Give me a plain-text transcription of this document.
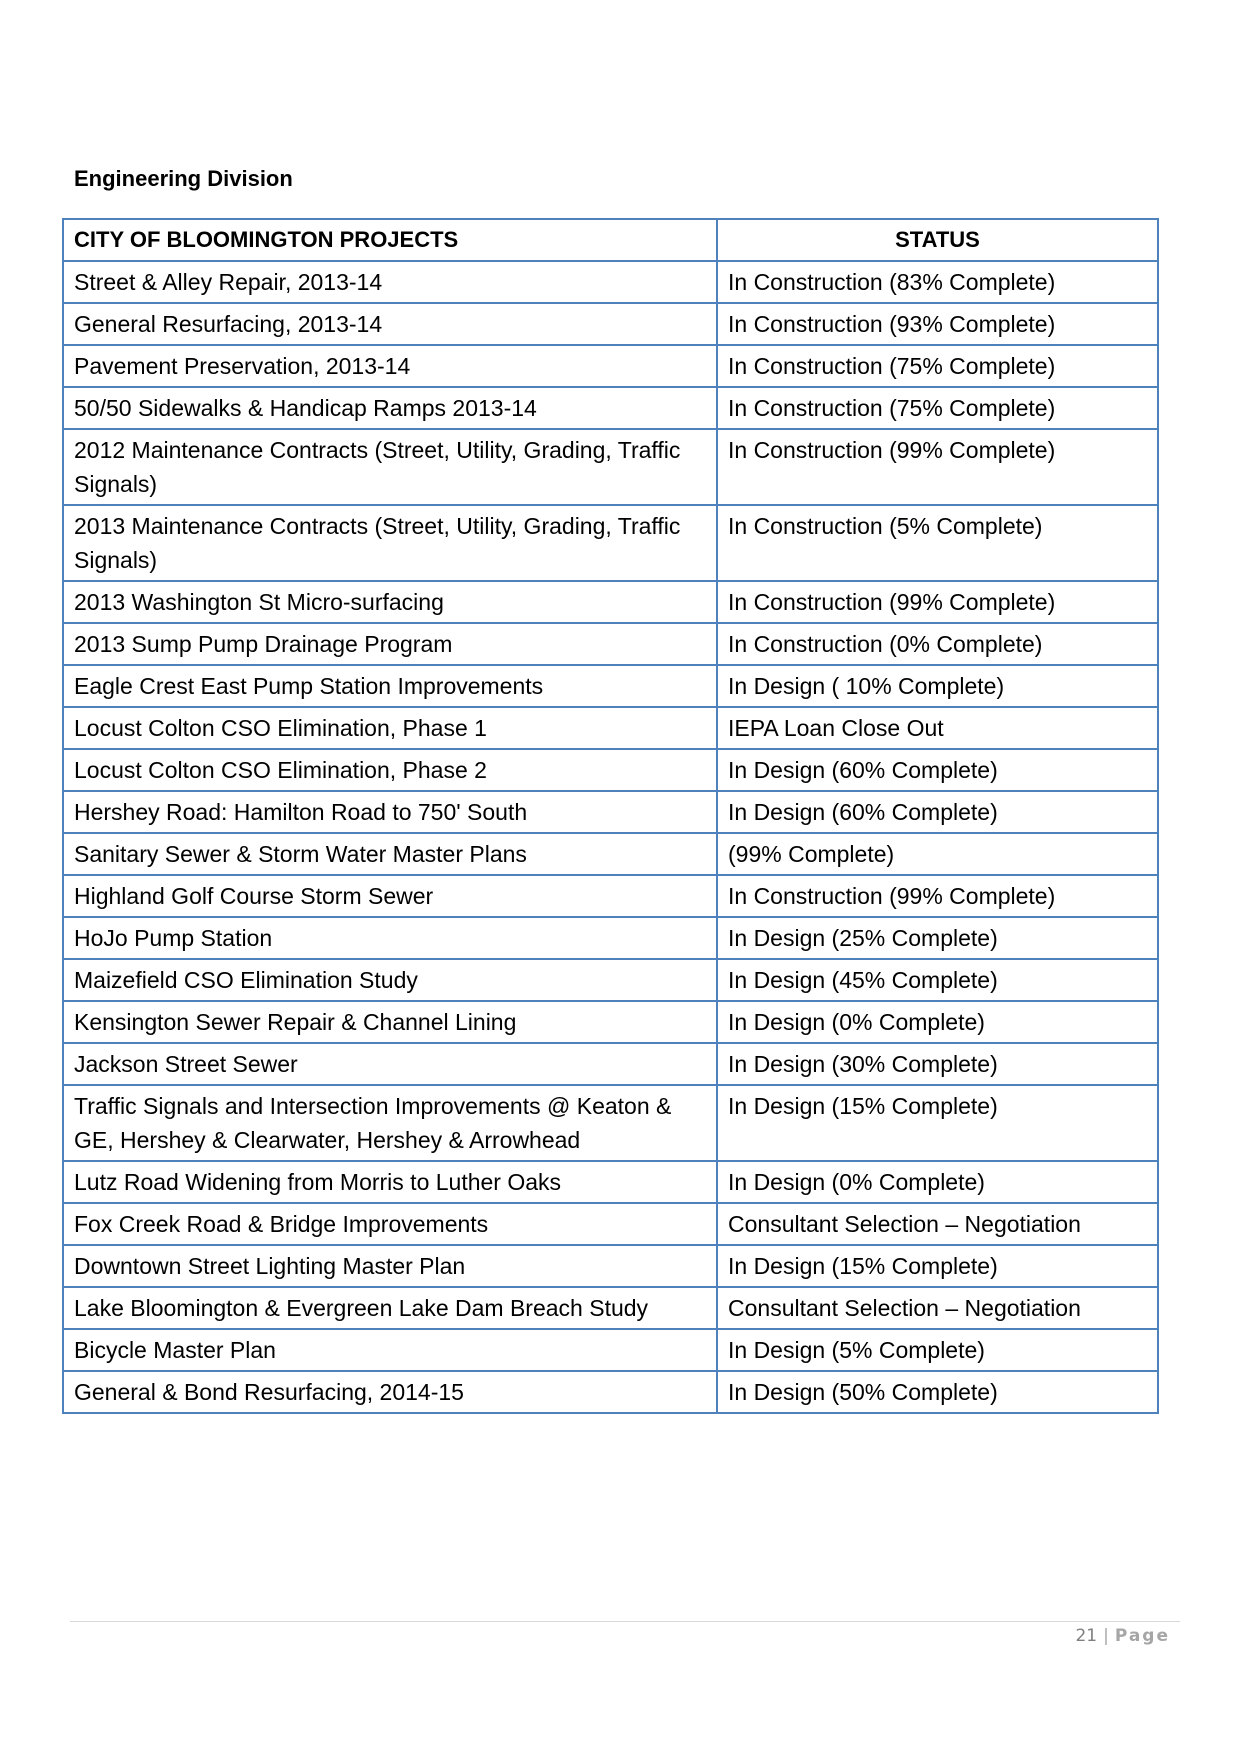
Engineering Division
CITY OF BLOOMINGTON PROJECTS	STATUS
Street & Alley Repair, 2013-14	In Construction (83% Complete)
General Resurfacing, 2013-14	In Construction (93% Complete)
Pavement Preservation, 2013-14	In Construction (75% Complete)
50/50 Sidewalks & Handicap Ramps 2013-14	In Construction (75% Complete)
2012 Maintenance Contracts (Street, Utility, Grading, Traffic Signals)	In Construction (99% Complete)
2013 Maintenance Contracts (Street, Utility, Grading, Traffic Signals)	In Construction (5% Complete)
2013 Washington St Micro-surfacing	In Construction (99% Complete)
2013 Sump Pump Drainage Program	In Construction (0% Complete)
Eagle Crest East Pump Station Improvements	In Design ( 10% Complete)
Locust Colton CSO Elimination, Phase 1	IEPA Loan Close Out
Locust Colton CSO Elimination, Phase 2	In Design (60% Complete)
Hershey Road: Hamilton Road to 750' South	In Design (60% Complete)
Sanitary Sewer & Storm Water Master Plans	(99% Complete)
Highland Golf Course Storm Sewer	In Construction (99% Complete)
HoJo Pump Station	In Design (25% Complete)
Maizefield CSO Elimination Study	In Design (45% Complete)
Kensington Sewer Repair & Channel Lining	In Design (0% Complete)
Jackson Street Sewer	In Design (30% Complete)
Traffic Signals and Intersection Improvements @ Keaton & GE, Hershey & Clearwater, Hershey & Arrowhead	In Design (15% Complete)
Lutz Road Widening from Morris to Luther Oaks	In Design (0% Complete)
Fox Creek Road & Bridge Improvements	Consultant Selection – Negotiation
Downtown Street Lighting Master Plan	In Design (15% Complete)
Lake Bloomington & Evergreen Lake Dam Breach Study	Consultant Selection – Negotiation
Bicycle Master Plan	In Design (5% Complete)
General & Bond Resurfacing, 2014-15	In Design (50% Complete)
21 | Page
